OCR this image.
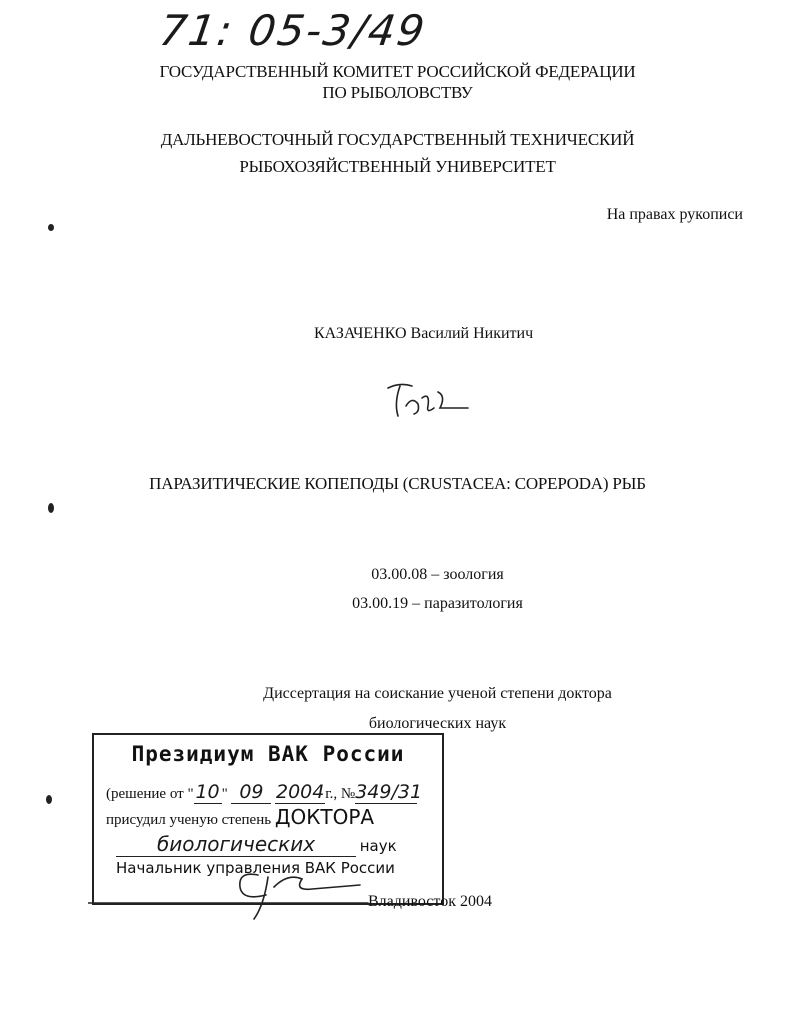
71: 05-3/49
ГОСУДАРСТВЕННЫЙ КОМИТЕТ РОССИЙСКОЙ ФЕДЕРАЦИИ
ПО РЫБОЛОВСТВУ
ДАЛЬНЕВОСТОЧНЫЙ ГОСУДАРСТВЕННЫЙ ТЕХНИЧЕСКИЙ
РЫБОХОЗЯЙСТВЕННЫЙ УНИВЕРСИТЕТ
На правах рукописи
КАЗАЧЕНКО Василий Никитич
ПАРАЗИТИЧЕСКИЕ КОПЕПОДЫ (CRUSTACEA: COPEPODA) РЫБ
03.00.08 – зоология
03.00.19 – паразитология
Диссертация на соискание ученой степени доктора
биологических наук
Президиум ВАК России
(решение от " 10 " 09 2004г., №349/31
присудил ученую степень ДОКТОРА
биологических	наук
Начальник управления ВАК России
Владивосток 2004
